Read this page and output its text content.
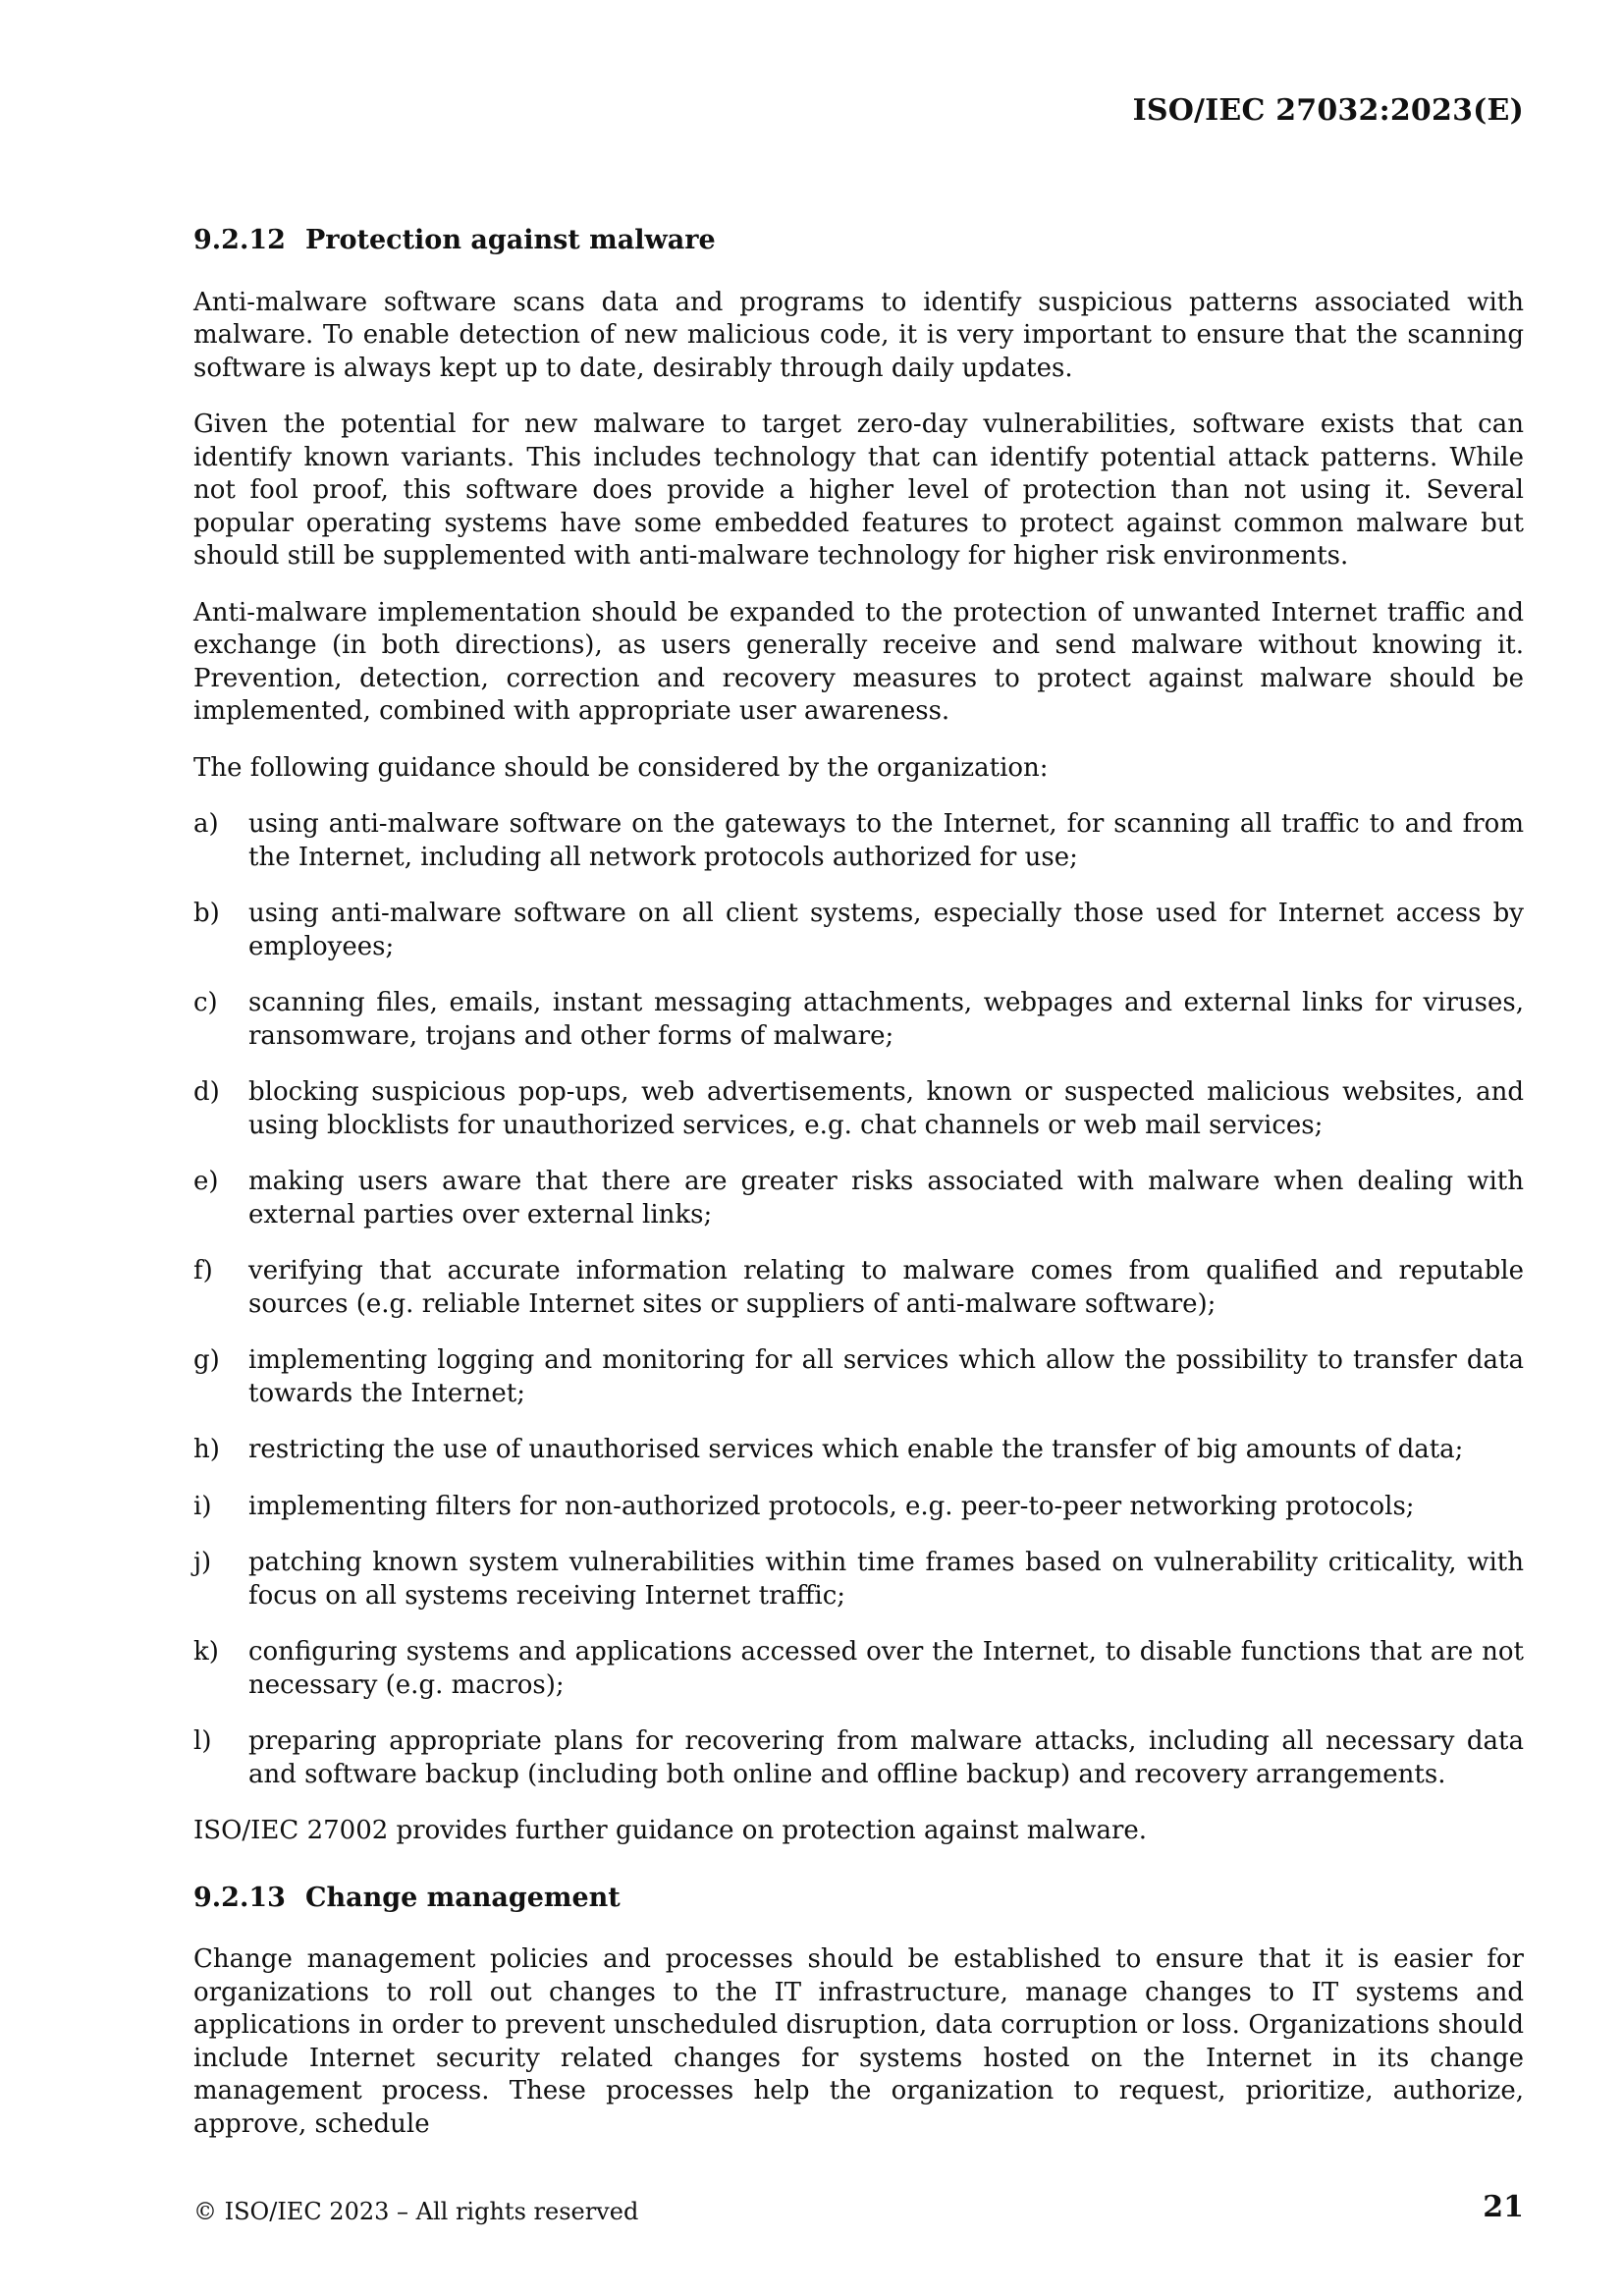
ISO/IEC 27032:2023(E)
9.2.12 Protection against malware

Anti-malware software scans data and programs to identify suspicious patterns associated with malware. To enable detection of new malicious code, it is very important to ensure that the scanning software is always kept up to date, desirably through daily updates.

Given the potential for new malware to target zero-day vulnerabilities, software exists that can identify known variants. This includes technology that can identify potential attack patterns. While not fool proof, this software does provide a higher level of protection than not using it. Several popular operating systems have some embedded features to protect against common malware but should still be supplemented with anti-malware technology for higher risk environments.

Anti-malware implementation should be expanded to the protection of unwanted Internet traffic and exchange (in both directions), as users generally receive and send malware without knowing it. Prevention, detection, correction and recovery measures to protect against malware should be implemented, combined with appropriate user awareness.

The following guidance should be considered by the organization:

a) using anti-malware software on the gateways to the Internet, for scanning all traffic to and from the Internet, including all network protocols authorized for use;
b) using anti-malware software on all client systems, especially those used for Internet access by employees;
c) scanning files, emails, instant messaging attachments, webpages and external links for viruses, ransomware, trojans and other forms of malware;
d) blocking suspicious pop-ups, web advertisements, known or suspected malicious websites, and using blocklists for unauthorized services, e.g. chat channels or web mail services;
e) making users aware that there are greater risks associated with malware when dealing with external parties over external links;
f) verifying that accurate information relating to malware comes from qualified and reputable sources (e.g. reliable Internet sites or suppliers of anti-malware software);
g) implementing logging and monitoring for all services which allow the possibility to transfer data towards the Internet;
h) restricting the use of unauthorised services which enable the transfer of big amounts of data;
i) implementing filters for non-authorized protocols, e.g. peer-to-peer networking protocols;
j) patching known system vulnerabilities within time frames based on vulnerability criticality, with focus on all systems receiving Internet traffic;
k) configuring systems and applications accessed over the Internet, to disable functions that are not necessary (e.g. macros);
l) preparing appropriate plans for recovering from malware attacks, including all necessary data and software backup (including both online and offline backup) and recovery arrangements.

ISO/IEC 27002 provides further guidance on protection against malware.

9.2.13 Change management

Change management policies and processes should be established to ensure that it is easier for organizations to roll out changes to the IT infrastructure, manage changes to IT systems and applications in order to prevent unscheduled disruption, data corruption or loss. Organizations should include Internet security related changes for systems hosted on the Internet in its change management process. These processes help the organization to request, prioritize, authorize, approve, schedule

© ISO/IEC 2023 – All rights reserved	21
